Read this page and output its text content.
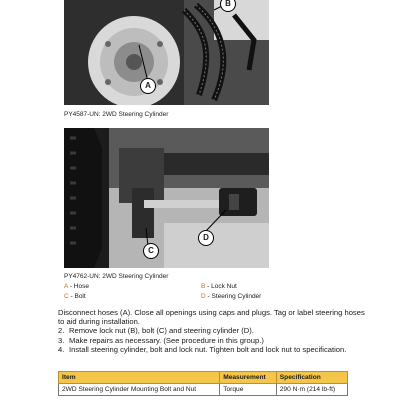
A
B
PY4587-UN: 2WD Steering Cylinder
C
D
PY4762-UN: 2WD Steering Cylinder
A - Hose	B - Lock Nut
C - Bolt	D - Steering Cylinder
Disconnect hoses (A). Close all openings using caps and plugs. Tag or label steering hoses to aid during installation.
2. Remove lock nut (B), bolt (C) and steering cylinder (D).
3. Make repairs as necessary. (See procedure in this group.)
4. Install steering cylinder, bolt and lock nut. Tighten bolt and lock nut to specification.
Item	Measurement	Specification
2WD Steering Cylinder Mounting Bolt and Nut	Torque	290 N·m (214 lb-ft)
